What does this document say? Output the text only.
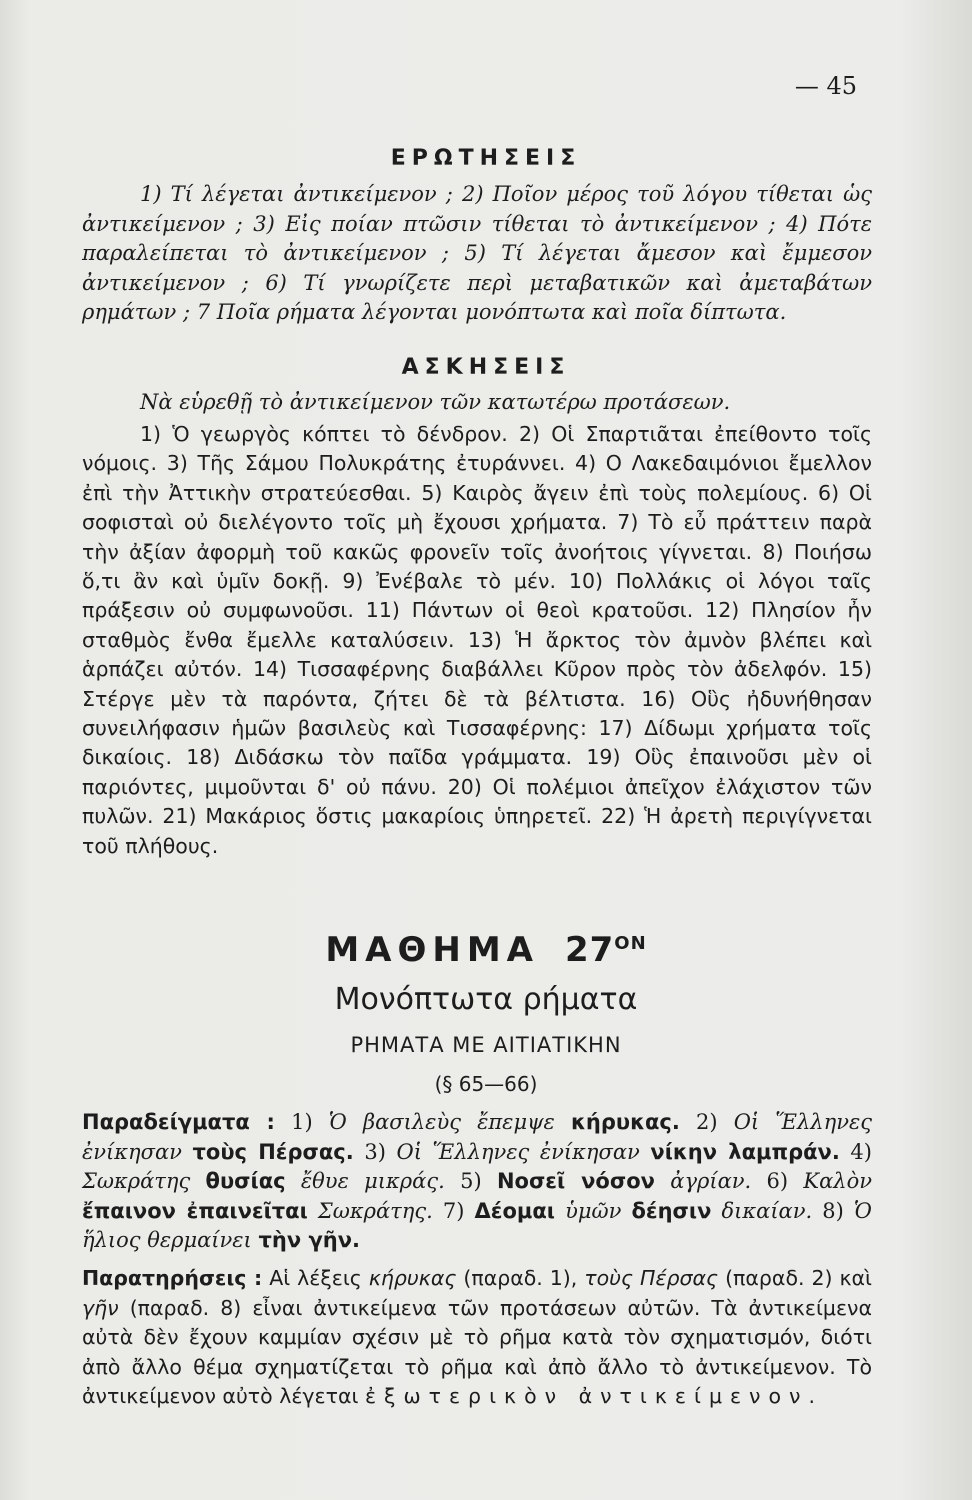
— 45
ΕΡΩΤΗΣΕΙΣ

1) Τί λέγεται ἀντικείμενον ; 2) Ποῖον μέρος τοῦ λόγου τίθεται ὡς ἀντικείμενον ; 3) Εἰς ποίαν πτῶσιν τίθεται τὸ ἀντικείμενον ; 4) Πότε παραλείπεται τὸ ἀντικείμενον ; 5) Τί λέγεται ἄμεσον καὶ ἔμμεσον ἀντικείμενον ; 6) Τί γνωρίζετε περὶ μεταβατικῶν καὶ ἀμεταβάτων ρημάτων ; 7 Ποῖα ρήματα λέγονται μονόπτωτα καὶ ποῖα δίπτωτα.

ΑΣΚΗΣΕΙΣ

Νὰ εὑρεθῇ τὸ ἀντικείμενον τῶν κατωτέρω προτάσεων.

1) Ὁ γεωργὸς κόπτει τὸ δένδρον. 2) Οἱ Σπαρτιᾶται ἐπείθοντο τοῖς νόμοις. 3) Τῆς Σάμου Πολυκράτης ἐτυράννει. 4) Ο Λακεδαιμόνιοι ἔμελλον ἐπὶ τὴν Ἀττικὴν στρατεύεσθαι. 5) Καιρὸς ἄγειν ἐπὶ τοὺς πολεμίους. 6) Οἱ σοφισταὶ οὐ διελέγοντο τοῖς μὴ ἔχουσι χρήματα. 7) Τὸ εὖ πράττειν παρὰ τὴν ἀξίαν ἀφορμὴ τοῦ κακῶς φρονεῖν τοῖς ἀνοήτοις γίγνεται. 8) Ποιήσω ὅ,τι ἂν καὶ ὑμῖν δοκῇ. 9) Ἐνέβαλε τὸ μέν. 10) Πολλάκις οἱ λόγοι ταῖς πράξεσιν οὐ συμφωνοῦσι. 11) Πάντων οἱ θεοὶ κρατοῦσι. 12) Πλησίον ἦν σταθμὸς ἔνθα ἔμελλε καταλύσειν. 13) Ἡ ἄρκτος τὸν ἀμνὸν βλέπει καὶ ἁρπάζει αὐτόν. 14) Τισσαφέρνης διαβάλλει Κῦρον πρὸς τὸν ἀδελφόν. 15) Στέργε μὲν τὰ παρόντα, ζήτει δὲ τὰ βέλτιστα. 16) Οὓς ἠδυνήθησαν συνειλήφασιν ἡμῶν βασιλεὺς καὶ Τισσαφέρνης: 17) Δίδωμι χρήματα τοῖς δικαίοις. 18) Διδάσκω τὸν παῖδα γράμματα. 19) Οὓς ἐπαινοῦσι μὲν οἱ παριόντες, μιμοῦνται δ' οὐ πάνυ. 20) Οἱ πολέμιοι ἀπεῖχον ἐλάχιστον τῶν πυλῶν. 21) Μακάριος ὅστις μακαρίοις ὑπηρετεῖ. 22) Ἡ ἀρετὴ περιγίγνεται τοῦ πλήθους.

ΜΑΘΗΜΑ $27^{ON}$
Μονόπτωτα ρήματα
ΡΗΜΑΤΑ ΜΕ ΑΙΤΙΑΤΙΚΗΝ
(§ 65—66)

Παραδείγματα : 1) Ὁ βασιλεὺς ἔπεμψε κήρυκας. 2) Οἱ Ἕλληνες ἐνίκησαν τοὺς Πέρσας. 3) Οἱ Ἕλληνες ἐνίκησαν νίκην λαμπράν. 4) Σωκράτης θυσίας ἔθυε μικράς. 5) Νοσεῖ νόσον ἀγρίαν. 6) Καλὸν ἔπαινον ἐπαινεῖται Σωκράτης. 7) Δέομαι ὑμῶν δέησιν δικαίαν. 8) Ὁ ἥλιος θερμαίνει τὴν γῆν.

Παρατηρήσεις : Αἱ λέξεις κήρυκας (παραδ. 1), τοὺς Πέρσας (παραδ. 2) καὶ γῆν (παραδ. 8) εἶναι ἀντικείμενα τῶν προτάσεων αὐτῶν. Τὰ ἀντικείμενα αὐτὰ δὲν ἔχουν καμμίαν σχέσιν μὲ τὸ ρῆμα κατὰ τὸν σχηματισμόν, διότι ἀπὸ ἄλλο θέμα σχηματίζεται τὸ ρῆμα καὶ ἀπὸ ἄλλο τὸ ἀντικείμενον. Τὸ ἀντικείμενον αὐτὸ λέγεται ἐξωτερικὸν ἀντικείμενον.
